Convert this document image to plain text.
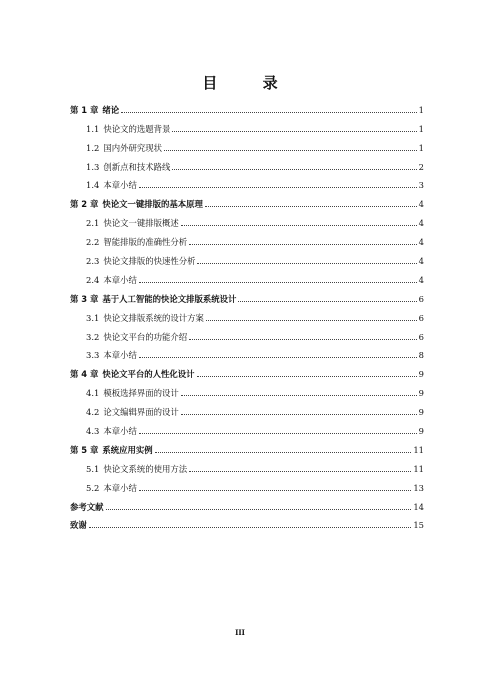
目 录
第 1 章 绪论	1
1.1 快论文的选题背景	1
1.2 国内外研究现状	1
1.3 创新点和技术路线	2
1.4 本章小结	3
第 2 章 快论文一键排版的基本原理	4
2.1 快论文一键排版概述	4
2.2 智能排版的准确性分析	4
2.3 快论文排版的快速性分析	4
2.4 本章小结	4
第 3 章 基于人工智能的快论文排版系统设计	6
3.1 快论文排版系统的设计方案	6
3.2 快论文平台的功能介绍	6
3.3 本章小结	8
第 4 章 快论文平台的人性化设计	9
4.1 模板选择界面的设计	9
4.2 论文编辑界面的设计	9
4.3 本章小结	9
第 5 章 系统应用实例	11
5.1 快论文系统的使用方法	11
5.2 本章小结	13
参考文献	14
致谢	15
III
